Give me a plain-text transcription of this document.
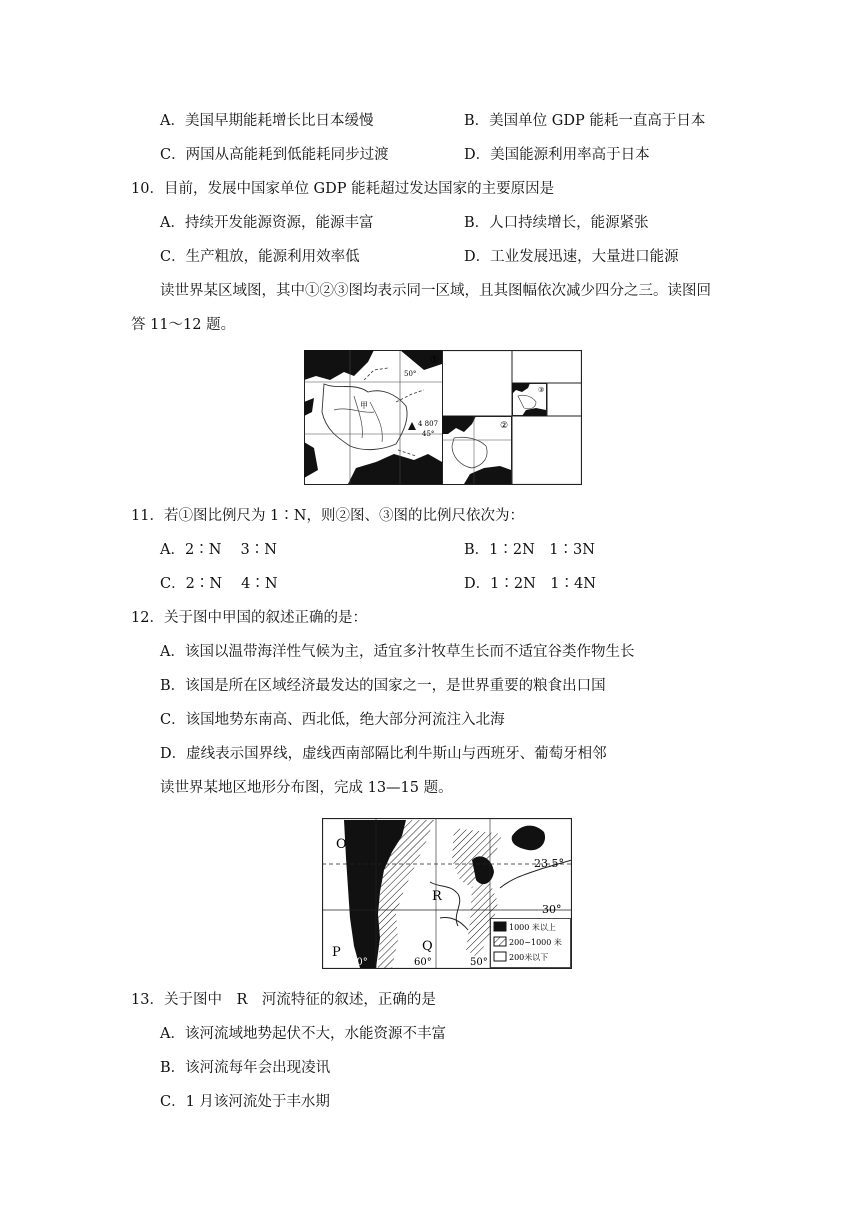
A．美国早期能耗增长比日本缓慢	B．美国单位 GDP 能耗一直高于日本
C．两国从高能耗到低能耗同步过渡	D．美国能源利用率高于日本
10．目前，发展中国家单位 GDP 能耗超过发达国家的主要原因是
A．持续开发能源资源，能源丰富	B．人口持续增长，能源紧张
C．生产粗放，能源利用效率低	D．工业发展迅速，大量进口能源
读世界某区域图，其中①②③图均表示同一区域，且其图幅依次减少四分之三。读图回
答 11～12 题。
①
50°
4 807
45°
0°
甲
②
③
11．若①图比例尺为 1∶N，则②图、③图的比例尺依次为：
A．2∶N　 3∶N	B．1∶2N　1∶3N
C．2∶N　 4∶N	D．1∶2N　1∶4N
12．关于图中甲国的叙述正确的是：
A．该国以温带海洋性气候为主，适宜多汁牧草生长而不适宜谷类作物生长
B．该国是所在区域经济最发达的国家之一，是世界重要的粮食出口国
C．该国地势东南高、西北低，绝大部分河流注入北海
D．虚线表示国界线，虚线西南部隔比利牛斯山与西班牙、葡萄牙相邻
读世界某地区地形分布图，完成 13—15 题。
O
R
P	Q
23.5°
30°
70°	60°	50°
1000 米以上
200~1000 米
200米以下
13．关于图中　R　河流特征的叙述，正确的是
A．该河流域地势起伏不大，水能资源不丰富
B．该河流每年会出现凌讯
C．1 月该河流处于丰水期
